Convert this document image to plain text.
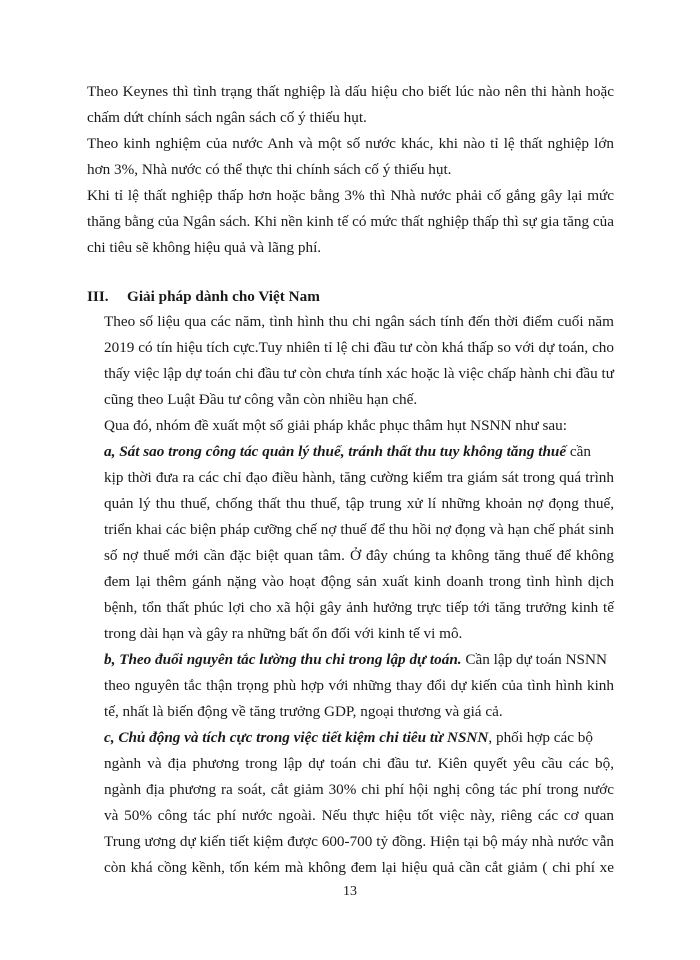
Theo Keynes thì tình trạng thất nghiệp là dấu hiệu cho biết lúc nào nên thi hành hoặc
chấm dứt chính sách ngân sách cố ý thiếu hụt.
Theo kinh nghiệm của nước Anh và một số nước khác, khi nào tỉ lệ thất nghiệp lớn
hơn 3%, Nhà nước có thể thực thi chính sách cố ý thiếu hụt.
Khi tỉ lệ thất nghiệp thấp hơn hoặc bằng 3% thì Nhà nước phải cố gắng gây lại mức
thăng bằng của Ngân sách. Khi nền kinh tế có mức thất nghiệp thấp thì sự gia tăng của
chi tiêu sẽ không hiệu quả và lãng phí.
III. Giải pháp dành cho Việt Nam
Theo số liệu qua các năm, tình hình thu chi ngân sách tính đến thời điểm cuối năm
2019 có tín hiệu tích cực.Tuy nhiên tỉ lệ chi đầu tư còn khá thấp so với dự toán, cho
thấy việc lập dự toán chi đầu tư còn chưa tính xác hoặc là việc chấp hành chi đầu tư
cũng theo Luật Đầu tư công vẫn còn nhiều hạn chế.
Qua đó, nhóm đề xuất một số giải pháp khắc phục thâm hụt NSNN như sau:
a, Sát sao trong công tác quản lý thuế, tránh thất thu tuy không tăng thuế cần
kịp thời đưa ra các chỉ đạo điều hành, tăng cường kiểm tra giám sát trong quá trình
quản lý thu thuế, chống thất thu thuế, tập trung xử lí những khoản nợ đọng thuế,
triển khai các biện pháp cưỡng chế nợ thuế để thu hồi nợ đọng và hạn chế phát sinh
số nợ thuế mới cần đặc biệt quan tâm. Ở đây chúng ta không tăng thuế để không
đem lại thêm gánh nặng vào hoạt động sản xuất kinh doanh trong tình hình dịch
bệnh, tổn thất phúc lợi cho xã hội gây ảnh hưởng trực tiếp tới tăng trưởng kinh tế
trong dài hạn và gây ra những bất ổn đối với kinh tế vi mô.
b, Theo đuổi nguyên tắc lường thu chi trong lập dự toán. Cần lập dự toán NSNN
theo nguyên tắc thận trọng phù hợp với những thay đổi dự kiến của tình hình kinh
tế, nhất là biến động về tăng trưởng GDP, ngoại thương và giá cả.
c, Chủ động và tích cực trong việc tiết kiệm chi tiêu từ NSNN, phối hợp các bộ
ngành và địa phương trong lập dự toán chi đầu tư. Kiên quyết yêu cầu các bộ,
ngành địa phương ra soát, cắt giảm 30% chi phí hội nghị công tác phí trong nước
và 50% công tác phí nước ngoài. Nếu thực hiệu tốt việc này, riêng các cơ quan
Trung ương dự kiến tiết kiệm được 600-700 tỷ đồng. Hiện tại bộ máy nhà nước vẫn
còn khá cồng kềnh, tốn kém mà không đem lại hiệu quả cần cắt giảm ( chi phí xe
13
